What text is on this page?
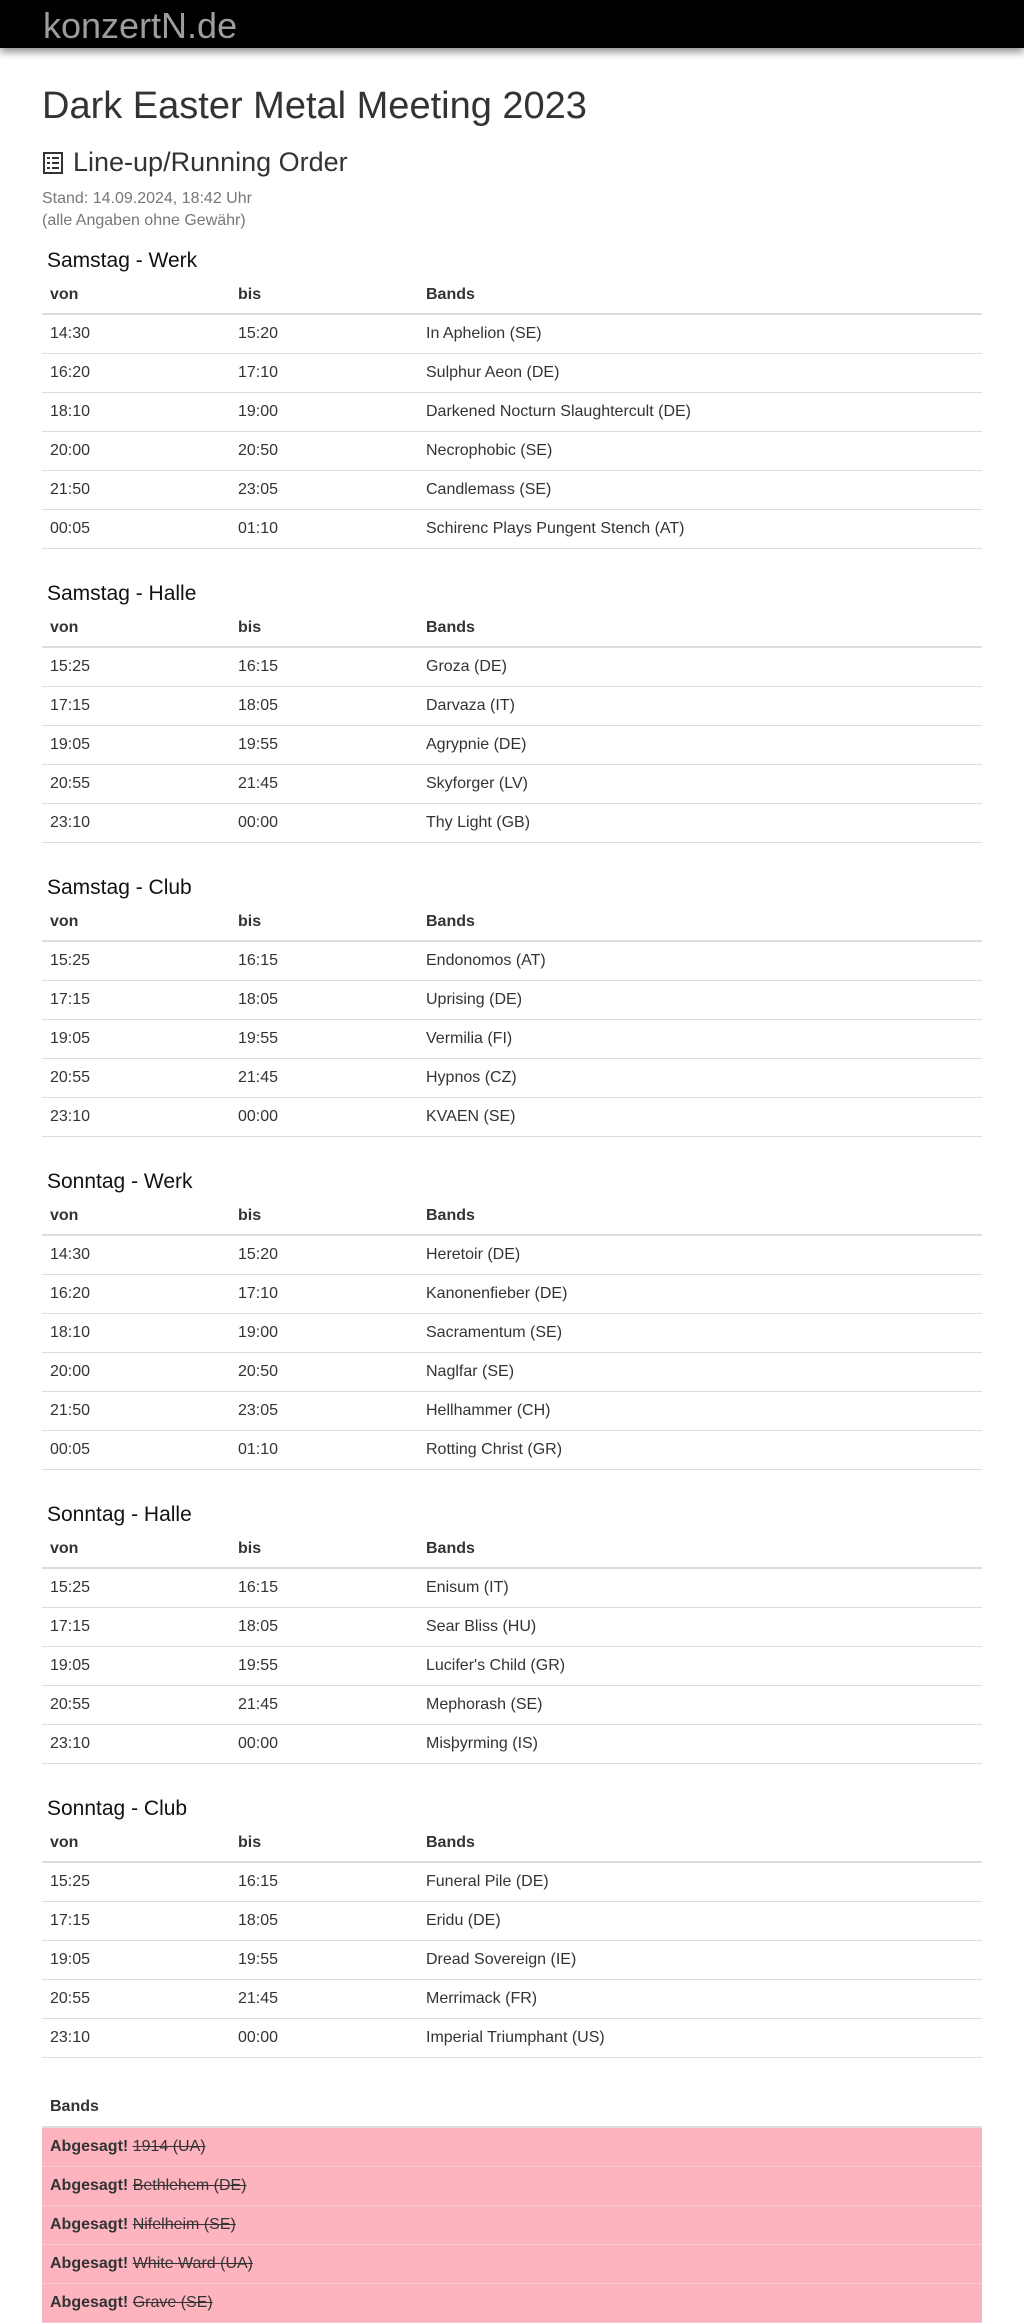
konzertN.de
Dark Easter Metal Meeting 2023
Line-up/Running Order
Stand: 14.09.2024, 18:42 Uhr
(alle Angaben ohne Gewähr)
Samstag - Werk
von	bis	Bands
14:30	15:20	In Aphelion (SE)
16:20	17:10	Sulphur Aeon (DE)
18:10	19:00	Darkened Nocturn Slaughtercult (DE)
20:00	20:50	Necrophobic (SE)
21:50	23:05	Candlemass (SE)
00:05	01:10	Schirenc Plays Pungent Stench (AT)
Samstag - Halle
von	bis	Bands
15:25	16:15	Groza (DE)
17:15	18:05	Darvaza (IT)
19:05	19:55	Agrypnie (DE)
20:55	21:45	Skyforger (LV)
23:10	00:00	Thy Light (GB)
Samstag - Club
von	bis	Bands
15:25	16:15	Endonomos (AT)
17:15	18:05	Uprising (DE)
19:05	19:55	Vermilia (FI)
20:55	21:45	Hypnos (CZ)
23:10	00:00	KVAEN (SE)
Sonntag - Werk
von	bis	Bands
14:30	15:20	Heretoir (DE)
16:20	17:10	Kanonenfieber (DE)
18:10	19:00	Sacramentum (SE)
20:00	20:50	Naglfar (SE)
21:50	23:05	Hellhammer (CH)
00:05	01:10	Rotting Christ (GR)
Sonntag - Halle
von	bis	Bands
15:25	16:15	Enisum (IT)
17:15	18:05	Sear Bliss (HU)
19:05	19:55	Lucifer's Child (GR)
20:55	21:45	Mephorash (SE)
23:10	00:00	Misþyrming (IS)
Sonntag - Club
von	bis	Bands
15:25	16:15	Funeral Pile (DE)
17:15	18:05	Eridu (DE)
19:05	19:55	Dread Sovereign (IE)
20:55	21:45	Merrimack (FR)
23:10	00:00	Imperial Triumphant (US)
Bands
Abgesagt! 1914 (UA)
Abgesagt! Bethlehem (DE)
Abgesagt! Nifelheim (SE)
Abgesagt! White Ward (UA)
Abgesagt! Grave (SE)
